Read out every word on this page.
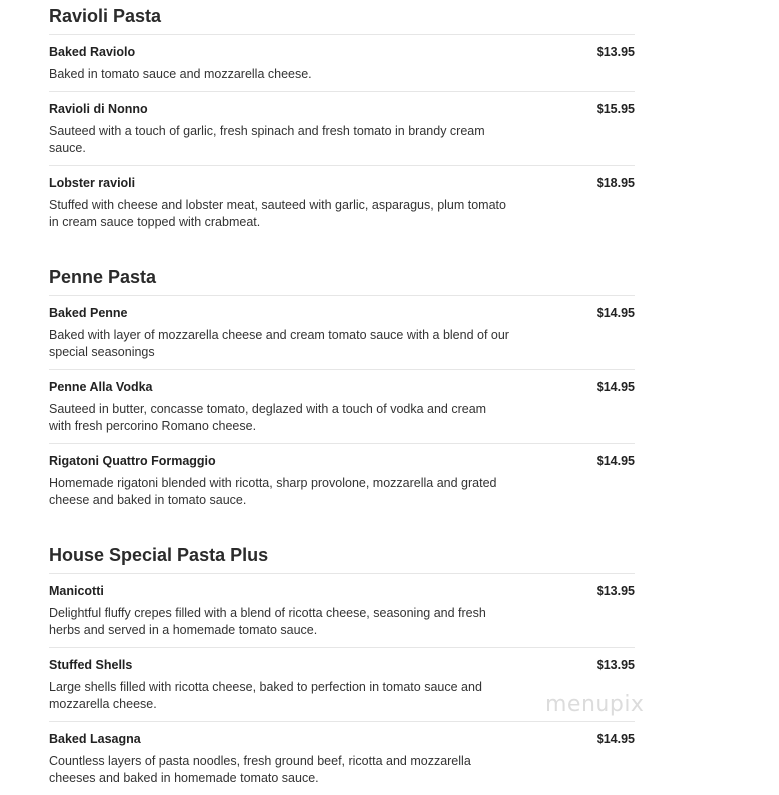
Ravioli Pasta
Baked Raviolo	$13.95
Baked in tomato sauce and mozzarella cheese.
Ravioli di Nonno	$15.95
Sauteed with a touch of garlic, fresh spinach and fresh tomato in brandy cream sauce.
Lobster ravioli	$18.95
Stuffed with cheese and lobster meat, sauteed with garlic, asparagus, plum tomato in cream sauce topped with crabmeat.
Penne Pasta
Baked Penne	$14.95
Baked with layer of mozzarella cheese and cream tomato sauce with a blend of our special seasonings
Penne Alla Vodka	$14.95
Sauteed in butter, concasse tomato, deglazed with a touch of vodka and cream with fresh percorino Romano cheese.
Rigatoni Quattro Formaggio	$14.95
Homemade rigatoni blended with ricotta, sharp provolone, mozzarella and grated cheese and baked in tomato sauce.
House Special Pasta Plus
Manicotti	$13.95
Delightful fluffy crepes filled with a blend of ricotta cheese, seasoning and fresh herbs and served in a homemade tomato sauce.
Stuffed Shells	$13.95
Large shells filled with ricotta cheese, baked to perfection in tomato sauce and mozzarella cheese.
Baked Lasagna	$14.95
Countless layers of pasta noodles, fresh ground beef, ricotta and mozzarella cheeses and baked in homemade tomato sauce.
menupix
